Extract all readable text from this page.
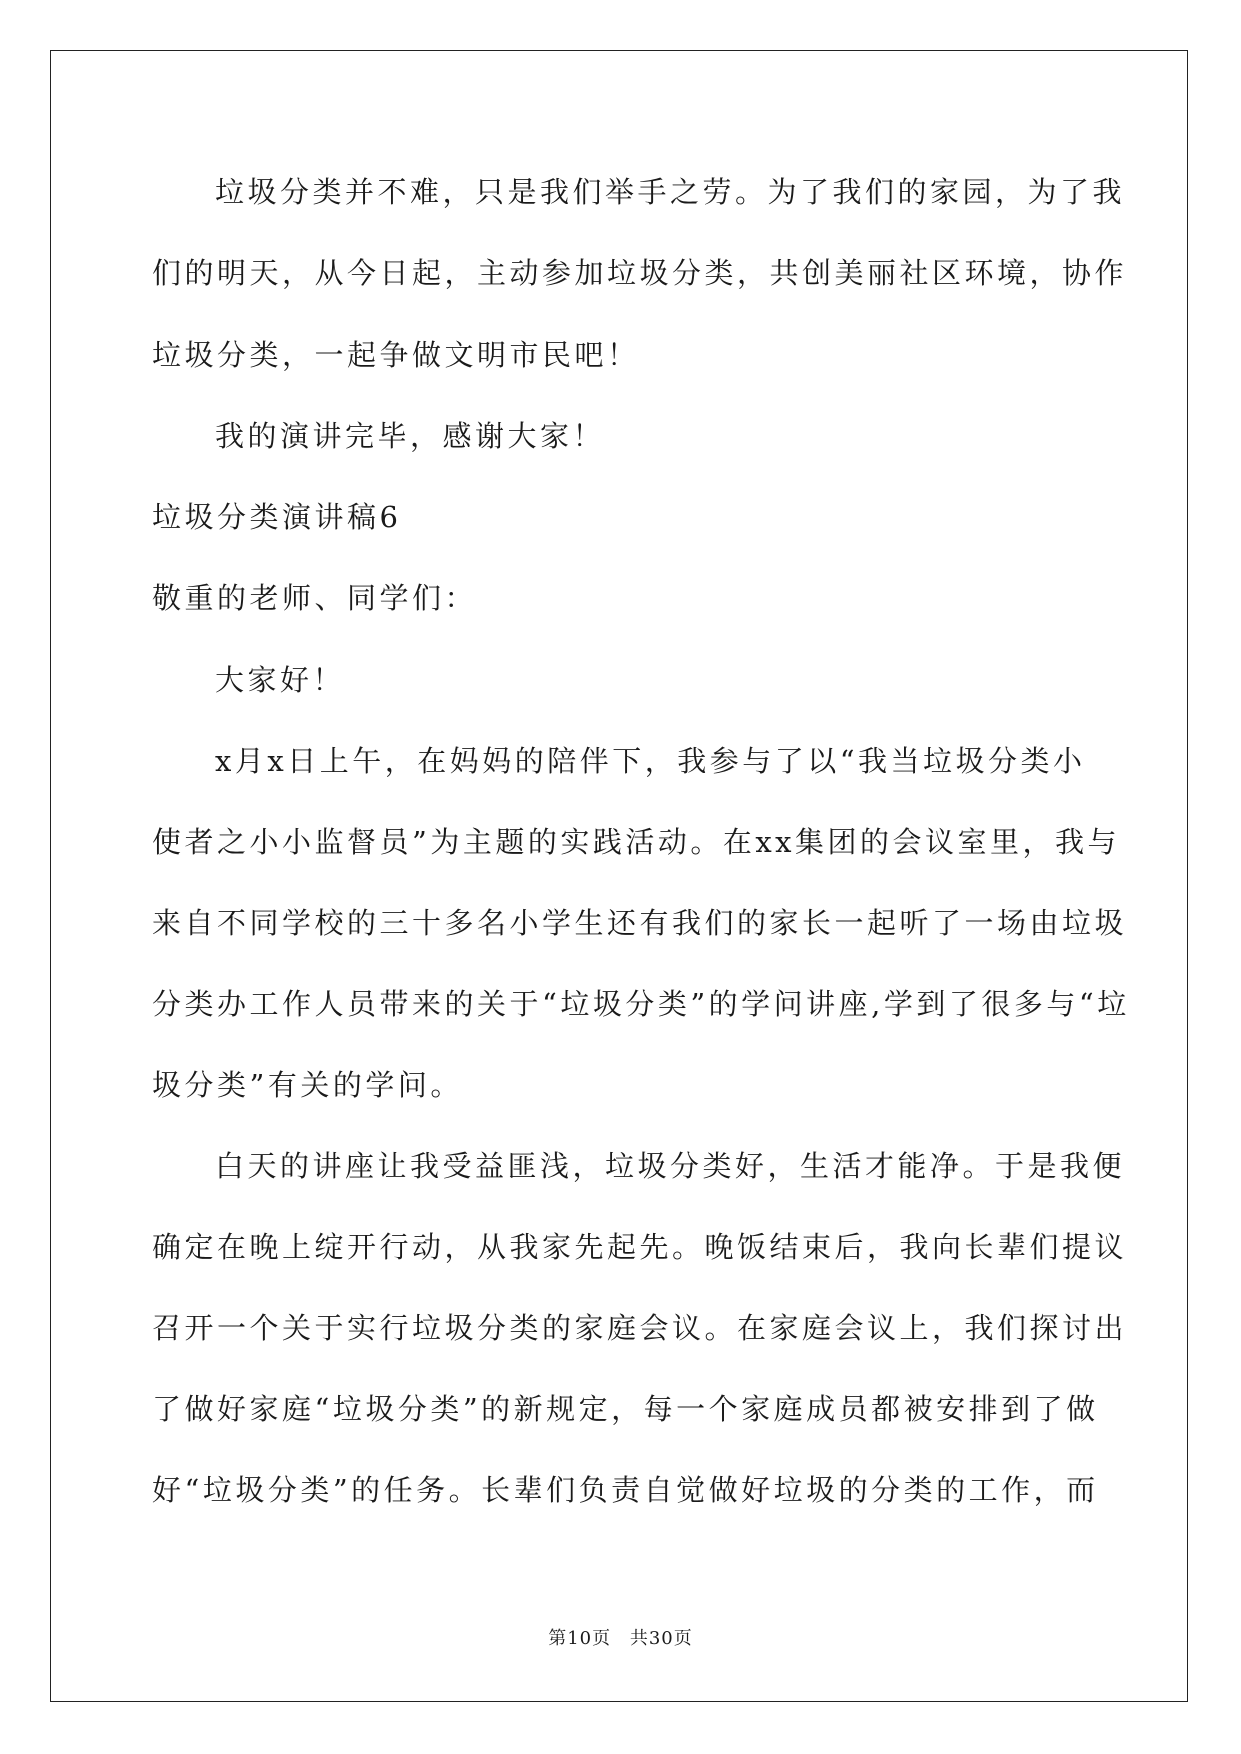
垃圾分类并不难，只是我们举手之劳。为了我们的家园，为了我
们的明天，从今日起，主动参加垃圾分类，共创美丽社区环境，协作
垃圾分类，一起争做文明市民吧！
我的演讲完毕，感谢大家！
垃圾分类演讲稿6
敬重的老师、同学们：
大家好！
x月x日上午，在妈妈的陪伴下，我参与了以“我当垃圾分类小
使者之小小监督员”为主题的实践活动。在xx集团的会议室里，我与
来自不同学校的三十多名小学生还有我们的家长一起听了一场由垃圾
分类办工作人员带来的关于“垃圾分类”的学问讲座,学到了很多与“垃
圾分类”有关的学问。
白天的讲座让我受益匪浅，垃圾分类好，生活才能净。于是我便
确定在晚上绽开行动，从我家先起先。晚饭结束后，我向长辈们提议
召开一个关于实行垃圾分类的家庭会议。在家庭会议上，我们探讨出
了做好家庭“垃圾分类”的新规定，每一个家庭成员都被安排到了做
好“垃圾分类”的任务。长辈们负责自觉做好垃圾的分类的工作，而
第10页 共30页
